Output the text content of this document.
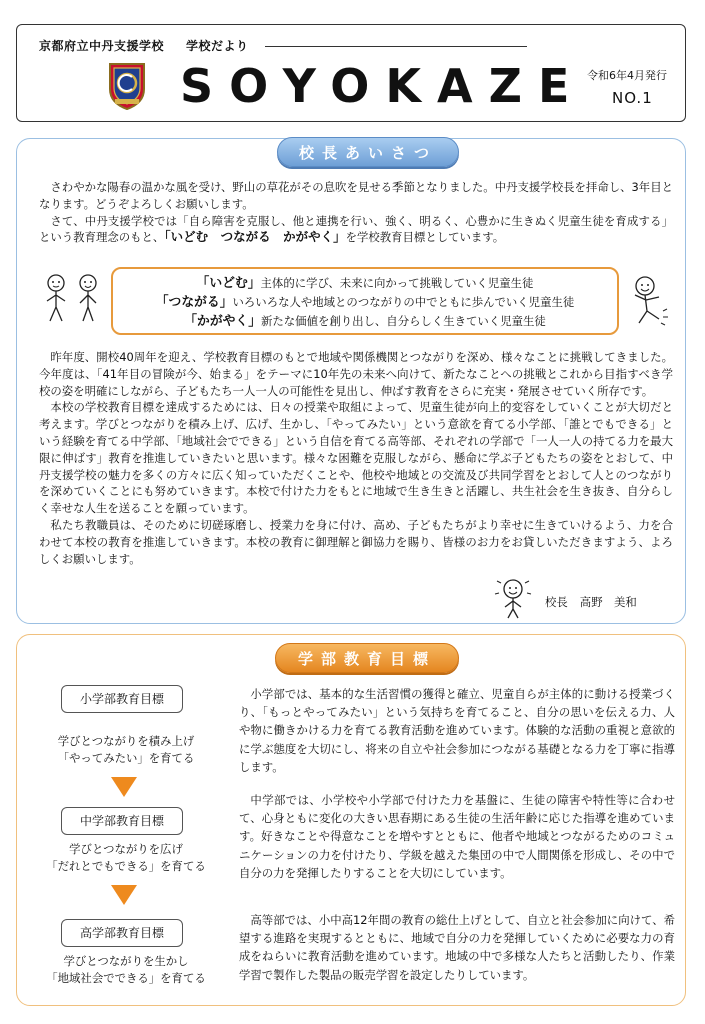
京都府立中丹支援学校 学校だより
SOYOKAZE 令和6年4月発行
NO.1
校長あいさつ

さわやかな陽春の温かな風を受け、野山の草花がその息吹を見せる季節となりました。中丹支援学校長を拝命し、3年目となります。どうぞよろしくお願いします。

さて、中丹支援学校では「自ら障害を克服し、他と連携を行い、強く、明るく、心豊かに生きぬく児童生徒を育成する」という教育理念のもと、「いどむ　つながる　かがやく」を学校教育目標としています。

「いどむ」主体的に学び、未来に向かって挑戦していく児童生徒
「つながる」いろいろな人や地域とのつながりの中でともに歩んでいく児童生徒
「かがやく」新たな価値を創り出し、自分らしく生きていく児童生徒

昨年度、開校40周年を迎え、学校教育目標のもとで地域や関係機関とつながりを深め、様々なことに挑戦してきました。今年度は、「41年目の冒険が今、始まる」をテーマに10年先の未来へ向けて、新たなことへの挑戦とこれから目指すべき学校の姿を明確にしながら、子どもたち一人一人の可能性を見出し、伸ばす教育をさらに充実・発展させていく所存です。

本校の学校教育目標を達成するためには、日々の授業や取組によって、児童生徒が向上的変容をしていくことが大切だと考えます。学びとつながりを積み上げ、広げ、生かし、「やってみたい」という意欲を育てる小学部、「誰とでもできる」という経験を育てる中学部、「地域社会でできる」という自信を育てる高等部、それぞれの学部で「一人一人の持てる力を最大限に伸ばす」教育を推進していきたいと思います。様々な困難を克服しながら、懸命に学ぶ子どもたちの姿をとおして、中丹支援学校の魅力を多くの方々に広く知っていただくことや、他校や地域との交流及び共同学習をとおして人とのつながりを深めていくことにも努めていきます。本校で付けた力をもとに地域で生き生きと活躍し、共生社会を生き抜き、自分らしく幸せな人生を送ることを願っています。

私たち教職員は、そのために切磋琢磨し、授業力を身に付け、高め、子どもたちがより幸せに生きていけるよう、力を合わせて本校の教育を推進していきます。本校の教育に御理解と御協力を賜り、皆様のお力をお貸しいただきますよう、よろしくお願いします。

校長 高野　美和
学部教育目標
小学部教育目標
学びとつながりを積み上げ
「やってみたい」を育てる

小学部では、基本的な生活習慣の獲得と確立、児童自らが主体的に動ける授業づくり、「もっとやってみたい」という気持ちを育てること、自分の思いを伝える力、人や物に働きかける力を育てる教育活動を進めています。体験的な活動の重視と意欲的に学ぶ態度を大切にし、将来の自立や社会参加につながる基礎となる力を丁寧に指導します。

中学部教育目標
学びとつながりを広げ
「だれとでもできる」を育てる

中学部では、小学校や小学部で付けた力を基盤に、生徒の障害や特性等に合わせて、心身ともに変化の大きい思春期にある生徒の生活年齢に応じた指導を進めています。好きなことや得意なことを増やすとともに、他者や地域とつながるためのコミュニケーションの力を付けたり、学級を越えた集団の中で人間関係を形成し、その中で自分の力を発揮したりすることを大切にしています。

高学部教育目標
学びとつながりを生かし
「地域社会でできる」を育てる

高等部では、小中高12年間の教育の総仕上げとして、自立と社会参加に向けて、希望する進路を実現するとともに、地域で自分の力を発揮していくために必要な力の育成をねらいに教育活動を進めています。地域の中で多様な人たちと活動したり、作業学習で製作した製品の販売学習を設定したりしています。
